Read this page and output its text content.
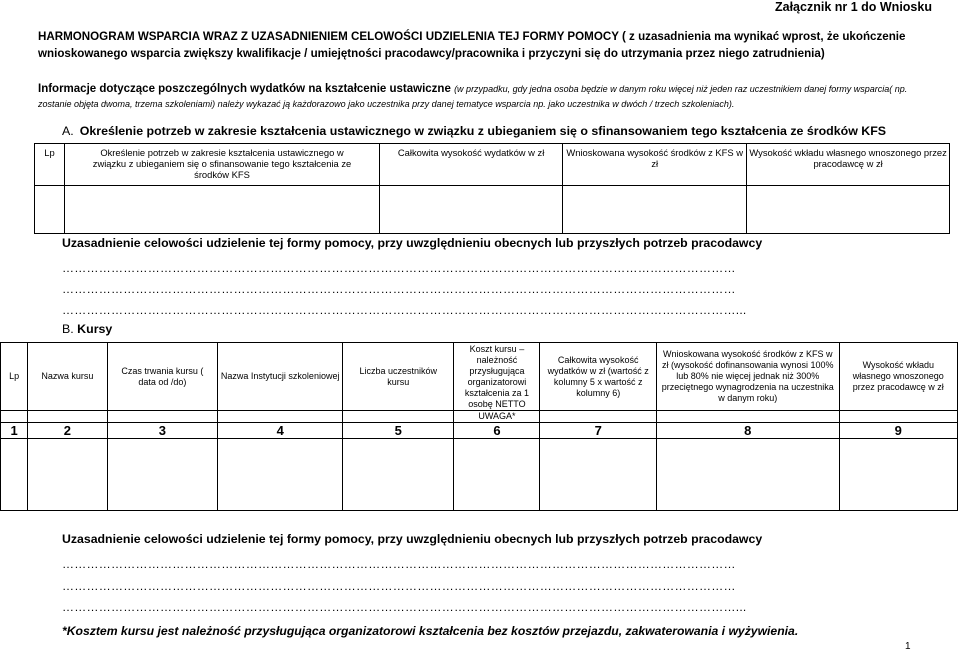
Załącznik nr 1 do Wniosku
HARMONOGRAM WSPARCIA WRAZ Z UZASADNIENIEM CELOWOŚCI UDZIELENIA TEJ FORMY POMOCY ( z uzasadnienia ma wynikać wprost, że ukończenie wnioskowanego wsparcia zwiększy kwalifikacje / umiejętności pracodawcy/pracownika i przyczyni się do utrzymania przez niego zatrudnienia)
Informacje dotyczące poszczególnych wydatków na kształcenie ustawiczne (w przypadku, gdy jedna osoba będzie w danym roku więcej niż jeden raz uczestnikiem danej formy wsparcia( np. zostanie objęta dwoma, trzema szkoleniami) należy wykazać ją każdorazowo jako uczestnika przy danej tematyce wsparcia np. jako uczestnika w dwóch / trzech szkoleniach).
A. Określenie potrzeb w zakresie kształcenia ustawicznego w związku z ubieganiem się o sfinansowaniem tego kształcenia ze środków KFS
Lp	Określenie potrzeb w zakresie kształcenia ustawicznego w związku z ubieganiem się o sfinansowanie tego kształcenia ze środków KFS	Całkowita wysokość wydatków w zł	Wnioskowana wysokość środków z KFS w zł	Wysokość wkładu własnego wnoszonego przez pracodawcę w zł

Uzasadnienie celowości udzielenie tej formy pomocy, przy uwzględnieniu obecnych lub przyszłych potrzeb pracodawcy
…………………………………………………………………………………………………………………………………………………
…………………………………………………………………………………………………………………………………………………
…………………………………………………………………………………………………………………………………………………...
B. Kursy
Lp	Nazwa kursu	Czas trwania kursu ( data od /do)	Nazwa Instytucji szkoleniowej	Liczba uczestników kursu	Koszt kursu – należność przysługująca organizatorowi kształcenia za 1 osobę NETTO	Całkowita wysokość wydatków w zł (wartość z kolumny 5 x wartość z kolumny 6)	Wnioskowana wysokość środków z KFS w zł (wysokość dofinansowania wynosi 100% lub 80% nie więcej jednak niż 300% przeciętnego wynagrodzenia na uczestnika w danym roku)	Wysokość wkładu własnego wnoszonego przez pracodawcę w zł
					UWAGA*			
1	2	3	4	5	6	7	8	9

Uzasadnienie celowości udzielenie tej formy pomocy, przy uwzględnieniu obecnych lub przyszłych potrzeb pracodawcy
…………………………………………………………………………………………………………………………………………………
…………………………………………………………………………………………………………………………………………………
…………………………………………………………………………………………………………………………………………………...
*Kosztem kursu jest należność przysługująca organizatorowi kształcenia bez kosztów przejazdu, zakwaterowania i wyżywienia.
1
